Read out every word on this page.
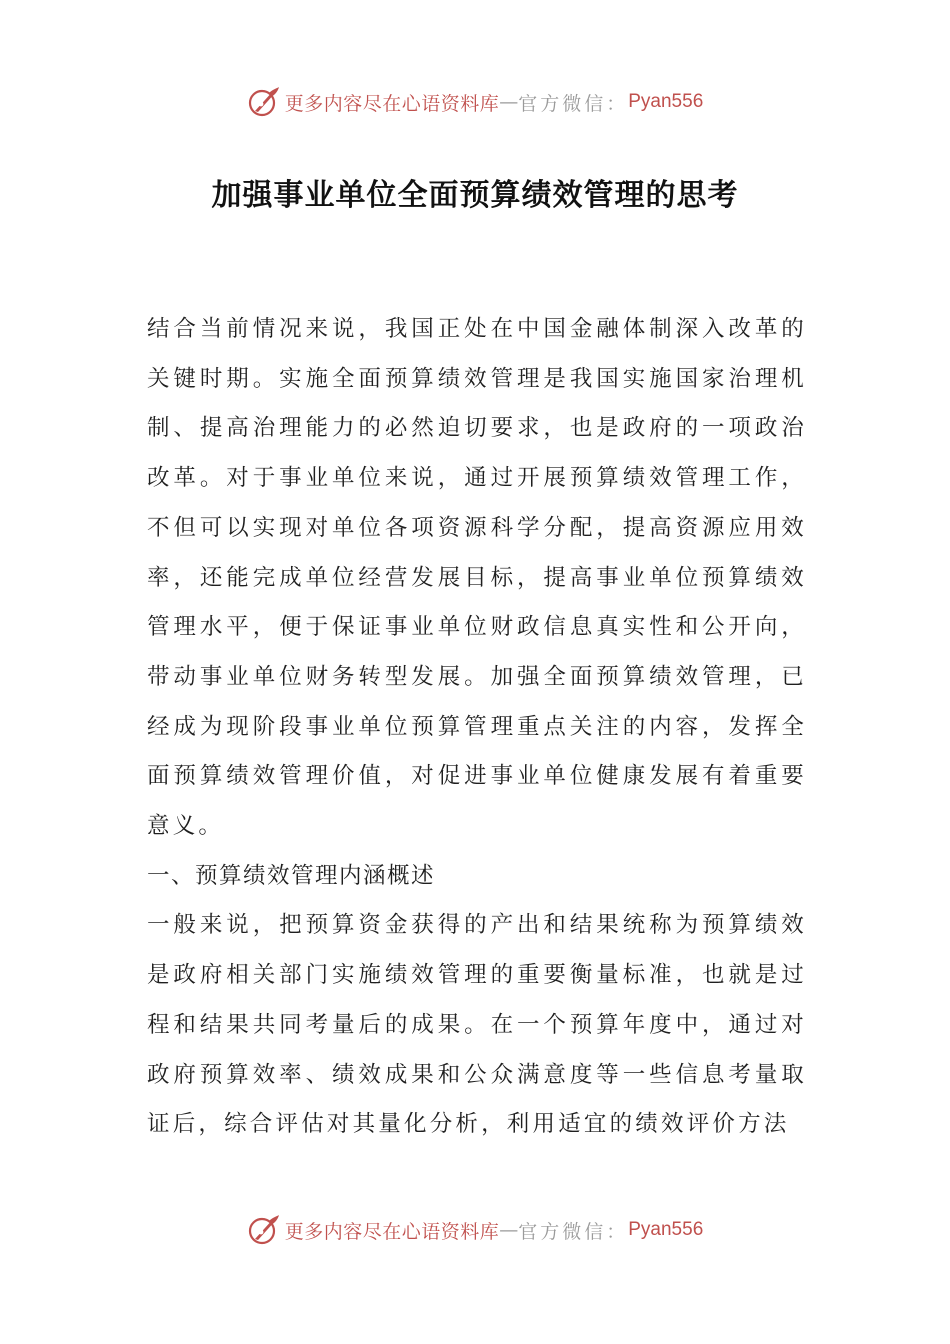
更多内容尽在心语资料库 — 官方微信： Pyan556
加强事业单位全面预算绩效管理的思考

结合当前情况来说，我国正处在中国金融体制深入改革的关键时期。实施全面预算绩效管理是我国实施国家治理机制、提高治理能力的必然迫切要求，也是政府的一项政治改革。对于事业单位来说，通过开展预算绩效管理工作，不但可以实现对单位各项资源科学分配，提高资源应用效率，还能完成单位经营发展目标，提高事业单位预算绩效管理水平，便于保证事业单位财政信息真实性和公开向，带动事业单位财务转型发展。加强全面预算绩效管理，已经成为现阶段事业单位预算管理重点关注的内容，发挥全面预算绩效管理价值，对促进事业单位健康发展有着重要意义。

一、预算绩效管理内涵概述

一般来说，把预算资金获得的产出和结果统称为预算绩效是政府相关部门实施绩效管理的重要衡量标准，也就是过程和结果共同考量后的成果。在一个预算年度中，通过对政府预算效率、绩效成果和公众满意度等一些信息考量取证后，综合评估对其量化分析，利用适宜的绩效评价方法

更多内容尽在心语资料库 — 官方微信： Pyan556
